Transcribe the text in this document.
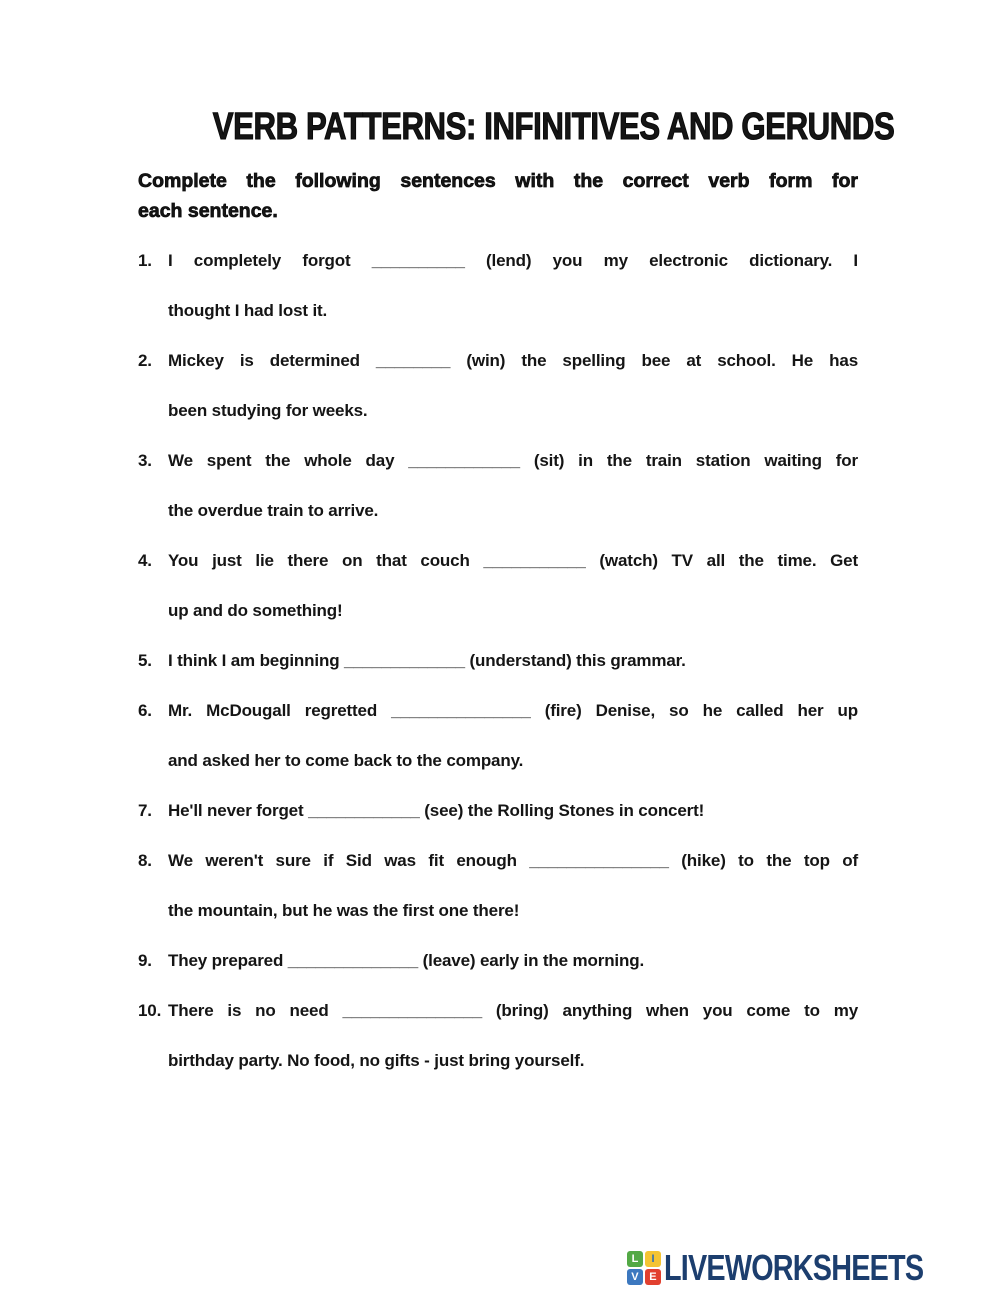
VERB PATTERNS: INFINITIVES AND GERUNDS
Complete the following sentences with the correct verb form for
each sentence.
1. I completely forgot __________ (lend) you my electronic dictionary. I
thought I had lost it.
2. Mickey is determined ________ (win) the spelling bee at school. He has
been studying for weeks.
3. We spent the whole day ____________ (sit) in the train station waiting for
the overdue train to arrive.
4. You just lie there on that couch ___________ (watch) TV all the time. Get
up and do something!
5. I think I am beginning _____________ (understand) this grammar.
6. Mr. McDougall regretted _______________ (fire) Denise, so he called her up
and asked her to come back to the company.
7. He'll never forget ____________ (see) the Rolling Stones in concert!
8. We weren't sure if Sid was fit enough _______________ (hike) to the top of
the mountain, but he was the first one there!
9. They prepared ______________ (leave) early in the morning.
10. There is no need _______________ (bring) anything when you come to my
birthday party. No food, no gifts - just bring yourself.
L	I
V E LIVEWORKSHEETS
